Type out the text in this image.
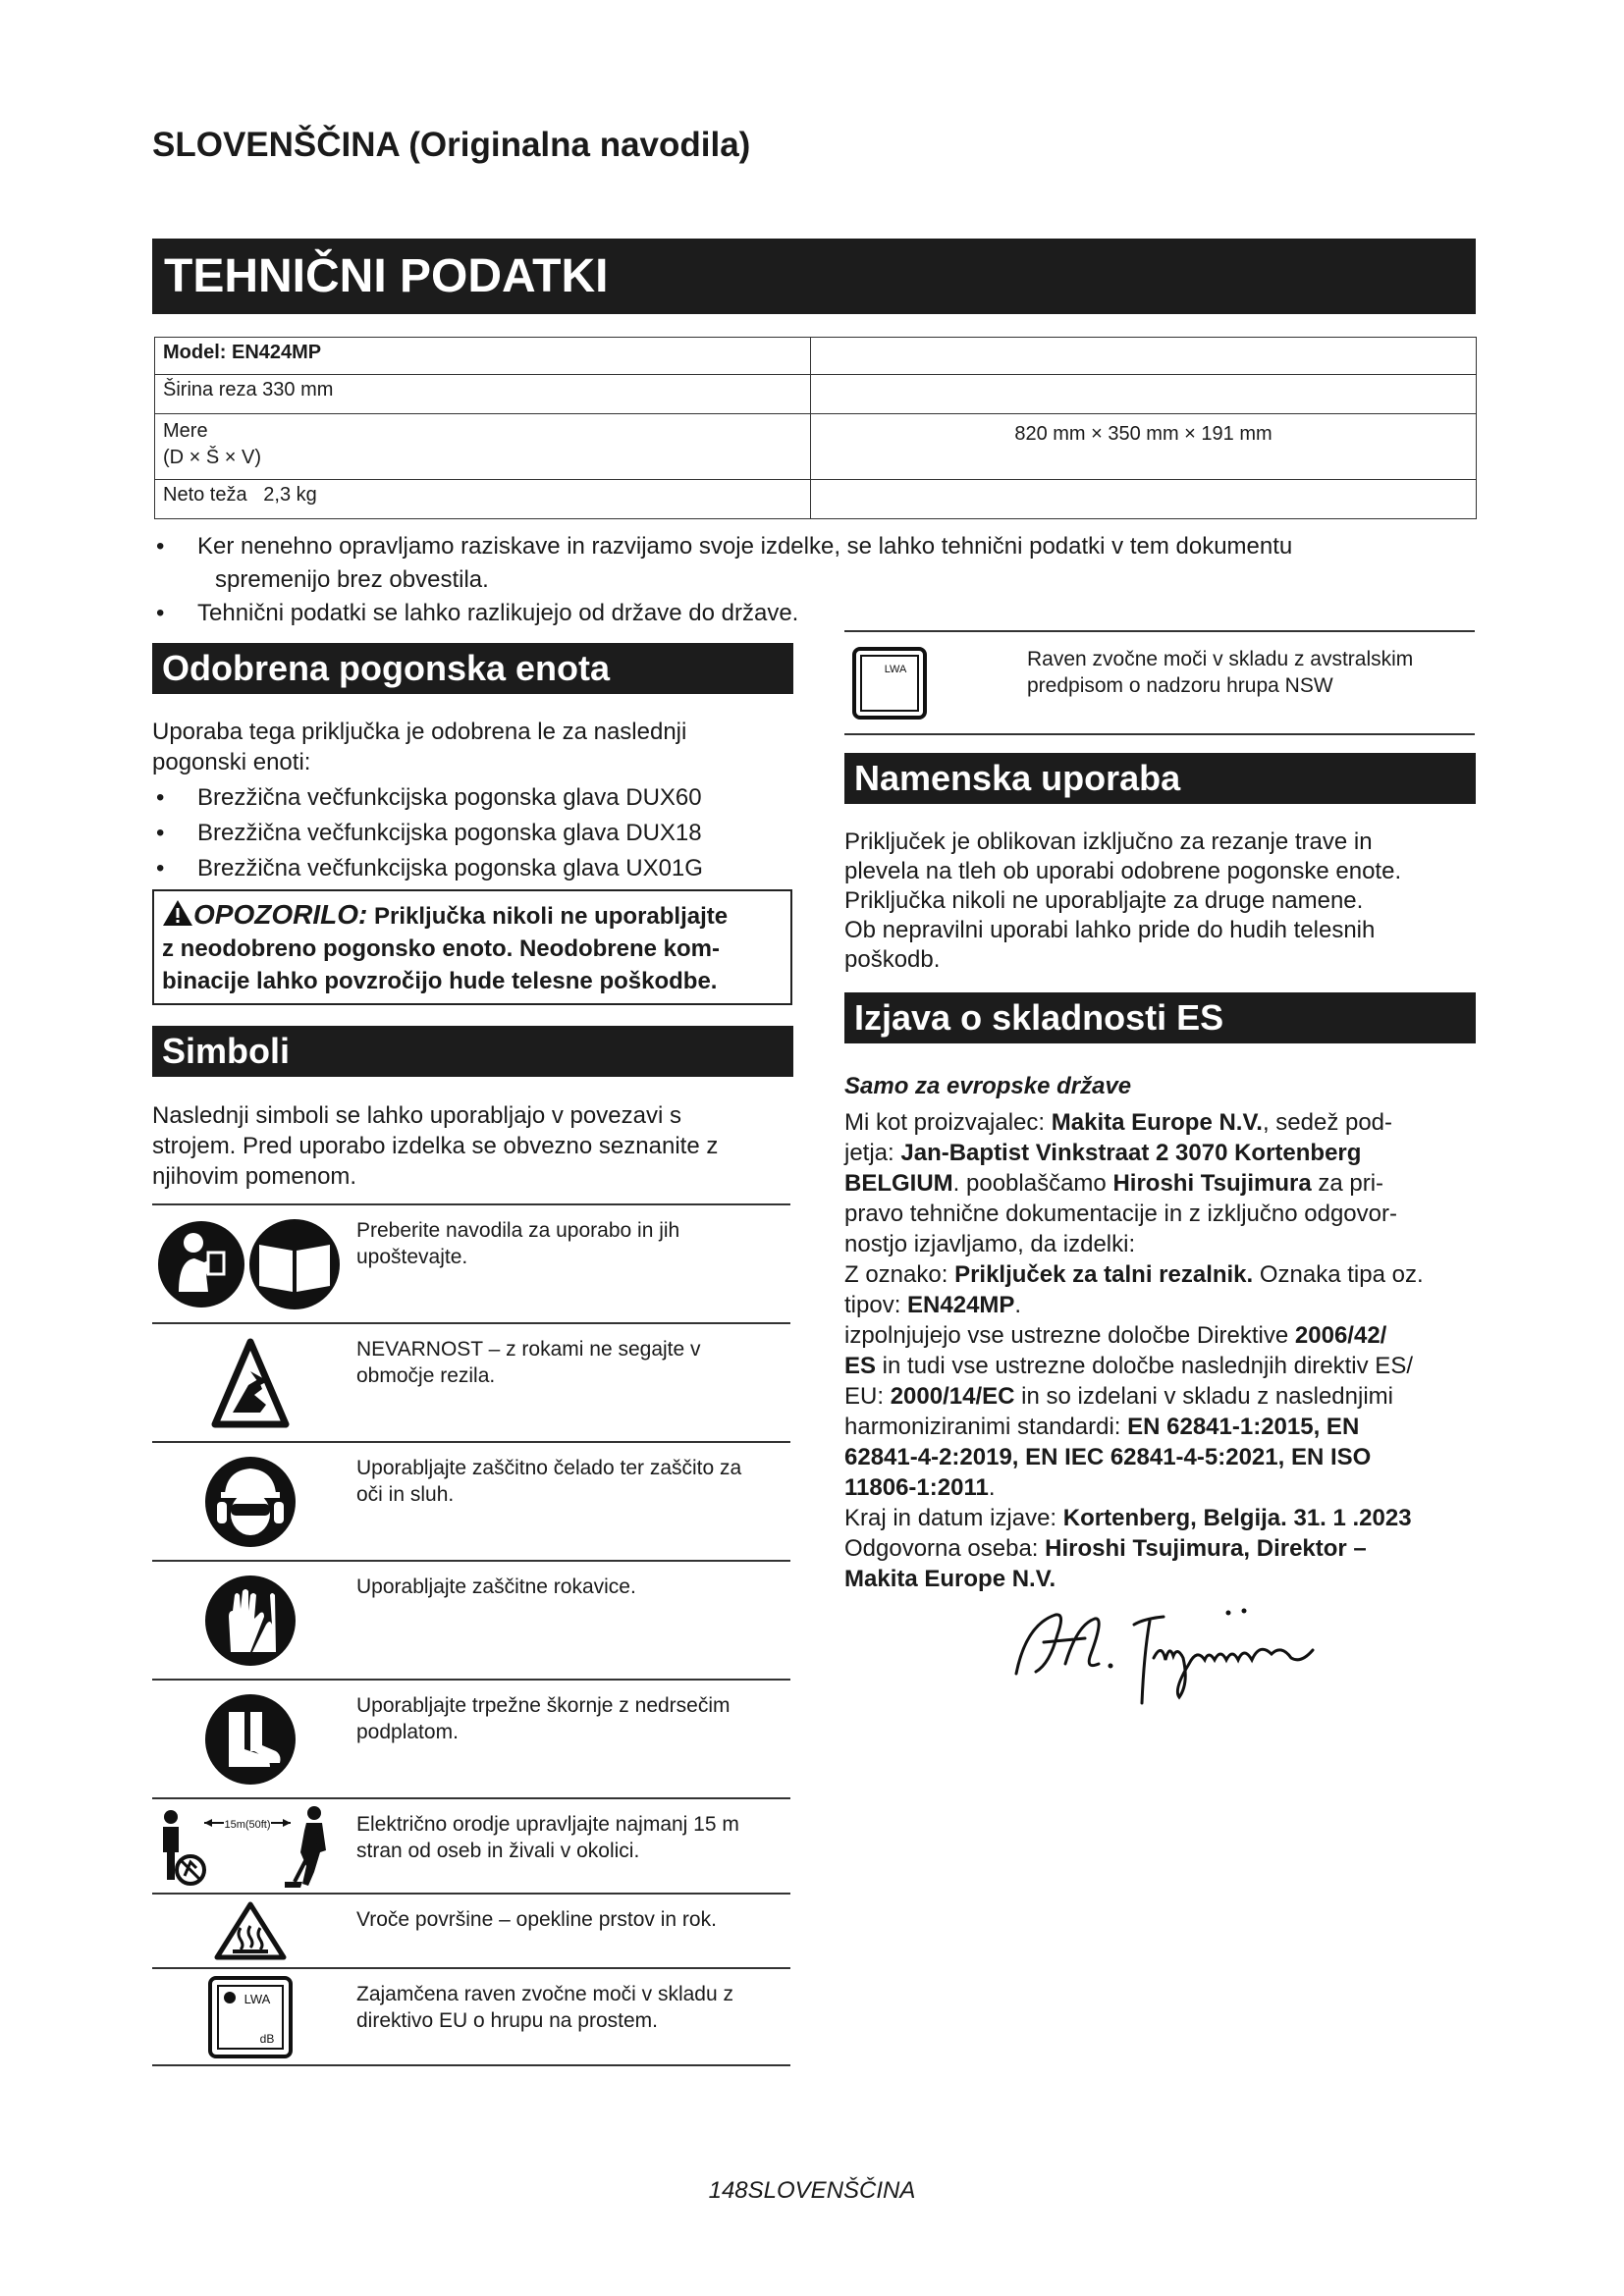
SLOVENŠČINA (Originalna navodila)
TEHNIČNI PODATKI
Model: EN424MP	
Širina reza 330 mm	
Mere
(D × Š × V)	820 mm × 350 mm × 191 mm
Neto teža   2,3 kg	
•	Ker nenehno opravljamo raziskave in razvijamo svoje izdelke, se lahko tehnični podatki v tem dokumentu
spremenijo brez obvestila.
•	Tehnični podatki se lahko razlikujejo od države do države.
Odobrena pogonska enota
Uporaba tega priključka je odobrena le za naslednji
pogonski enoti:
•	Brezžična večfunkcijska pogonska glava DUX60
•	Brezžična večfunkcijska pogonska glava DUX18
•	Brezžična večfunkcijska pogonska glava UX01G
OPOZORILO: Priključka nikoli ne uporabljajte
z neodobreno pogonsko enoto. Neodobrene kom-
binacije lahko povzročijo hude telesne poškodbe.
Simboli
Naslednji simboli se lahko uporabljajo v povezavi s
strojem. Pred uporabo izdelka se obvezno seznanite z
njihovim pomenom.
Preberite navodila za uporabo in jih
upoštevajte.
NEVARNOST – z rokami ne segajte v
območje rezila.
Uporabljajte zaščitno čelado ter zaščito za
oči in sluh.
Uporabljajte zaščitne rokavice.
Uporabljajte trpežne škornje z nedrsečim
podplatom.
15m(50ft)	Električno orodje upravljajte najmanj 15 m
stran od oseb in živali v okolici.
Vroče površine – opekline prstov in rok.
LWA
dB
Zajamčena raven zvočne moči v skladu z
direktivo EU o hrupu na prostem.
LWA	Raven zvočne moči v skladu z avstralskim
predpisom o nadzoru hrupa NSW
Namenska uporaba
Priključek je oblikovan izključno za rezanje trave in
plevela na tleh ob uporabi odobrene pogonske enote.
Priključka nikoli ne uporabljajte za druge namene.
Ob nepravilni uporabi lahko pride do hudih telesnih
poškodb.
Izjava o skladnosti ES
Samo za evropske države
Mi kot proizvajalec: Makita Europe N.V., sedež pod-
jetja: Jan-Baptist Vinkstraat 2 3070 Kortenberg
BELGIUM. pooblaščamo Hiroshi Tsujimura za pri-
pravo tehnične dokumentacije in z izključno odgovor-
nostjo izjavljamo, da izdelki:
Z oznako: Priključek za talni rezalnik. Oznaka tipa oz.
tipov: EN424MP.
izpolnjujejo vse ustrezne določbe Direktive 2006/42/
ES in tudi vse ustrezne določbe naslednjih direktiv ES/
EU: 2000/14/EC in so izdelani v skladu z naslednjimi
harmoniziranimi standardi: EN 62841-1:2015, EN
62841-4-2:2019, EN IEC 62841-4-5:2021, EN ISO
11806-1:2011.
Kraj in datum izjave: Kortenberg, Belgija. 31. 1 .2023
Odgovorna oseba: Hiroshi Tsujimura, Direktor –
Makita Europe N.V.
148SLOVENŠČINA
